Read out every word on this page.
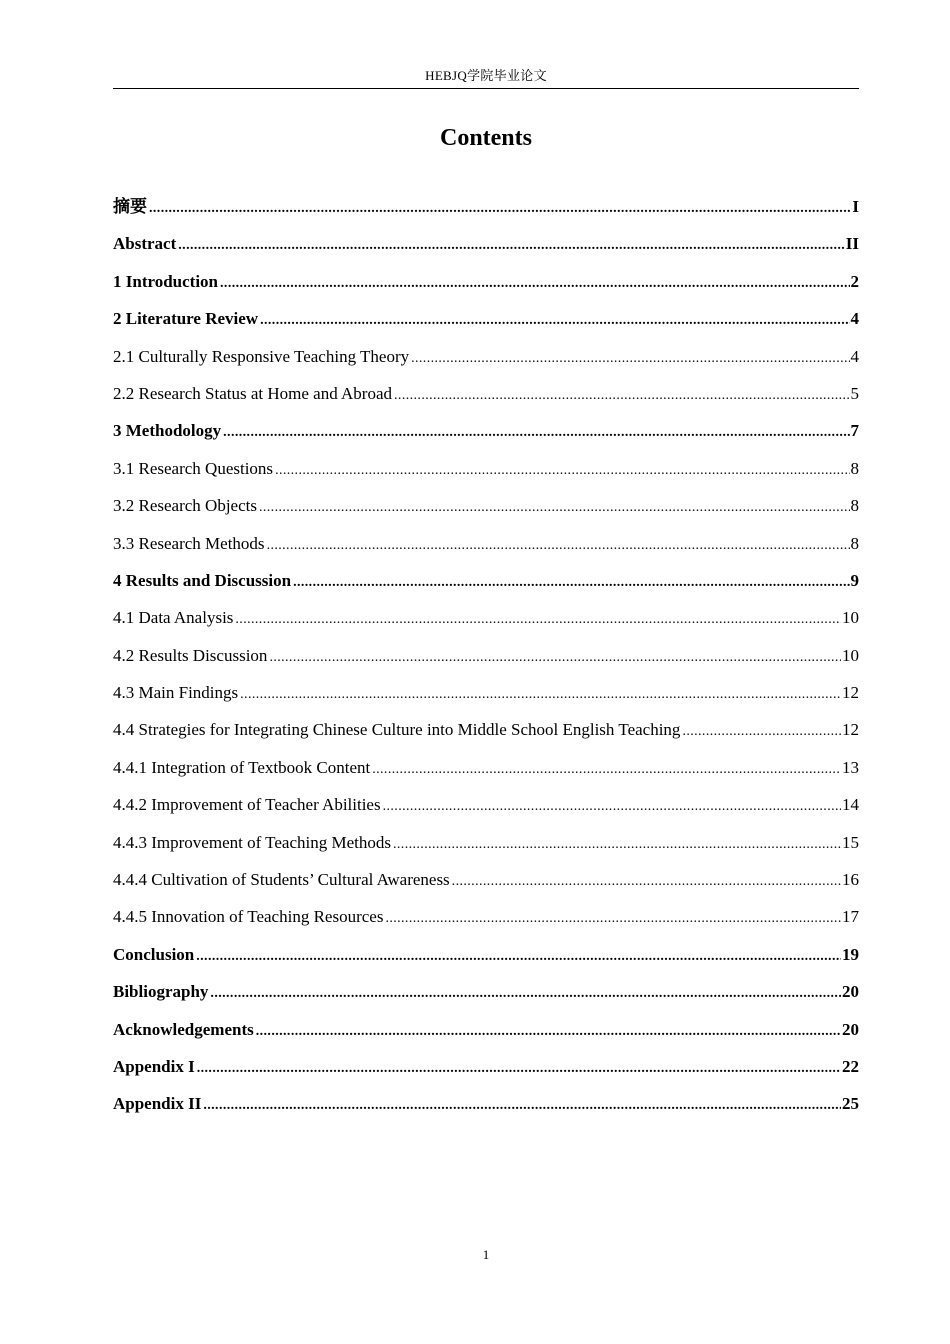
HEBJQ学院毕业论文
Contents
摘要 .....	I
Abstract .....	II
1 Introduction .....	2
2 Literature Review .....	4
2.1 Culturally Responsive Teaching Theory .....	4
2.2 Research Status at Home and Abroad .....	5
3 Methodology .....	7
3.1 Research Questions .....	8
3.2 Research Objects .....	8
3.3 Research Methods .....	8
4 Results and Discussion .....	9
4.1 Data Analysis .....	10
4.2 Results Discussion .....	10
4.3 Main Findings .....	12
4.4 Strategies for Integrating Chinese Culture into Middle School English Teaching .....	12
4.4.1 Integration of Textbook Content .....	13
4.4.2 Improvement of Teacher Abilities .....	14
4.4.3 Improvement of Teaching Methods .....	15
4.4.4 Cultivation of Students’ Cultural Awareness .....	16
4.4.5 Innovation of Teaching Resources .....	17
Conclusion .....	19
Bibliography .....	20
Acknowledgements .....	20
Appendix I .....	22
Appendix II .....	25
1
